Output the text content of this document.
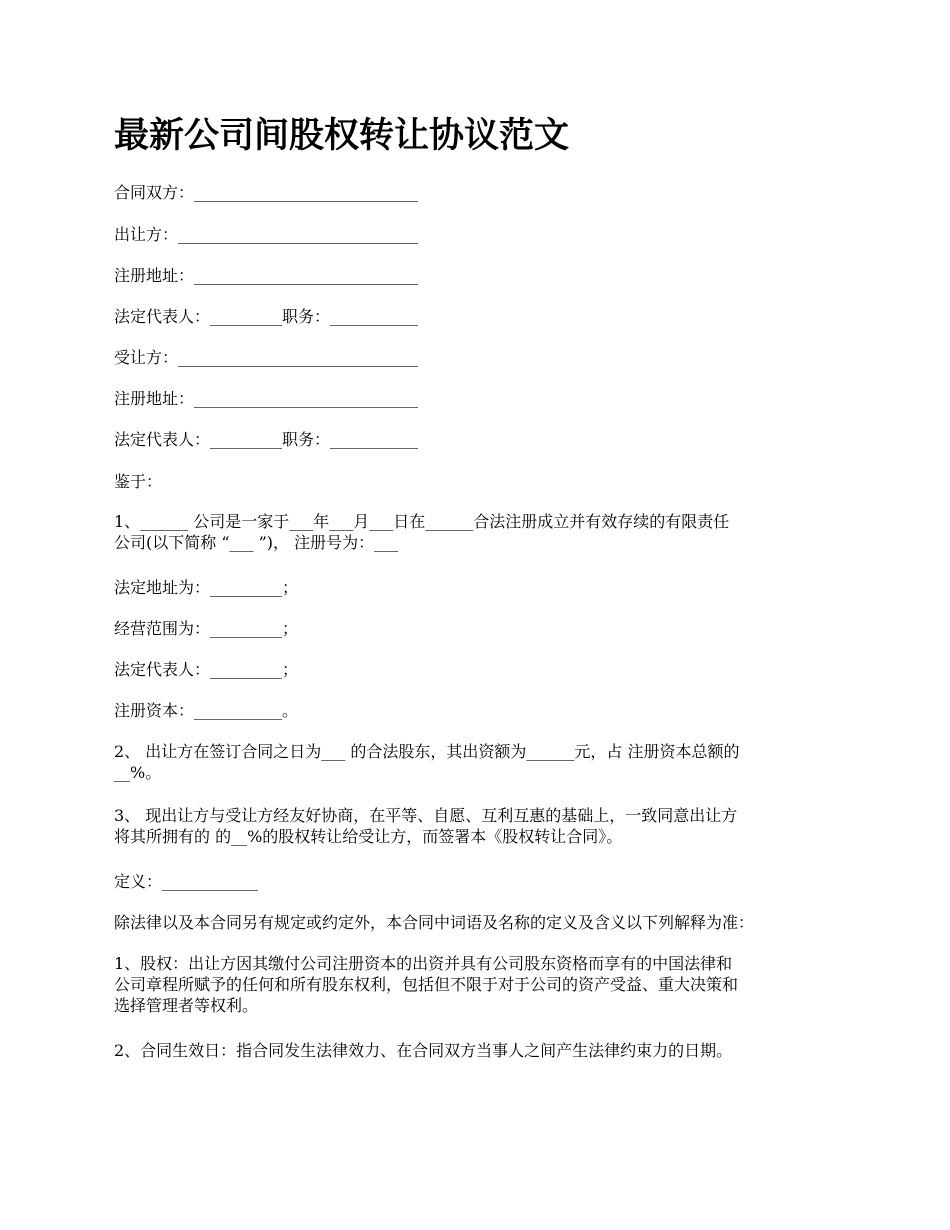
最新公司间股权转让协议范文

合同双方：____________________________

出让方：______________________________

注册地址：____________________________

法定代表人：_________职务：___________

受让方：______________________________

注册地址：____________________________

法定代表人：_________职务：___________

鉴于：

1、______ 公司是一家于___年___月___日在______合法注册成立并有效存续的有限责任
公司(以下简称 “___ ”)， 注册号为：___

法定地址为：_________；

经营范围为：_________；

法定代表人：_________；

注册资本：___________。

2、 出让方在签订合同之日为___ 的合法股东，其出资额为______元，占 注册资本总额的
__%。

3、 现出让方与受让方经友好协商，在平等、自愿、互利互惠的基础上，一致同意出让方
将其所拥有的 的__%的股权转让给受让方，而签署本《股权转让合同》。

定义：____________

除法律以及本合同另有规定或约定外，本合同中词语及名称的定义及含义以下列解释为准：

1、股权：出让方因其缴付公司注册资本的出资并具有公司股东资格而享有的中国法律和
公司章程所赋予的任何和所有股东权利，包括但不限于对于公司的资产受益、重大决策和
选择管理者等权利。

2、合同生效日：指合同发生法律效力、在合同双方当事人之间产生法律约束力的日期。
